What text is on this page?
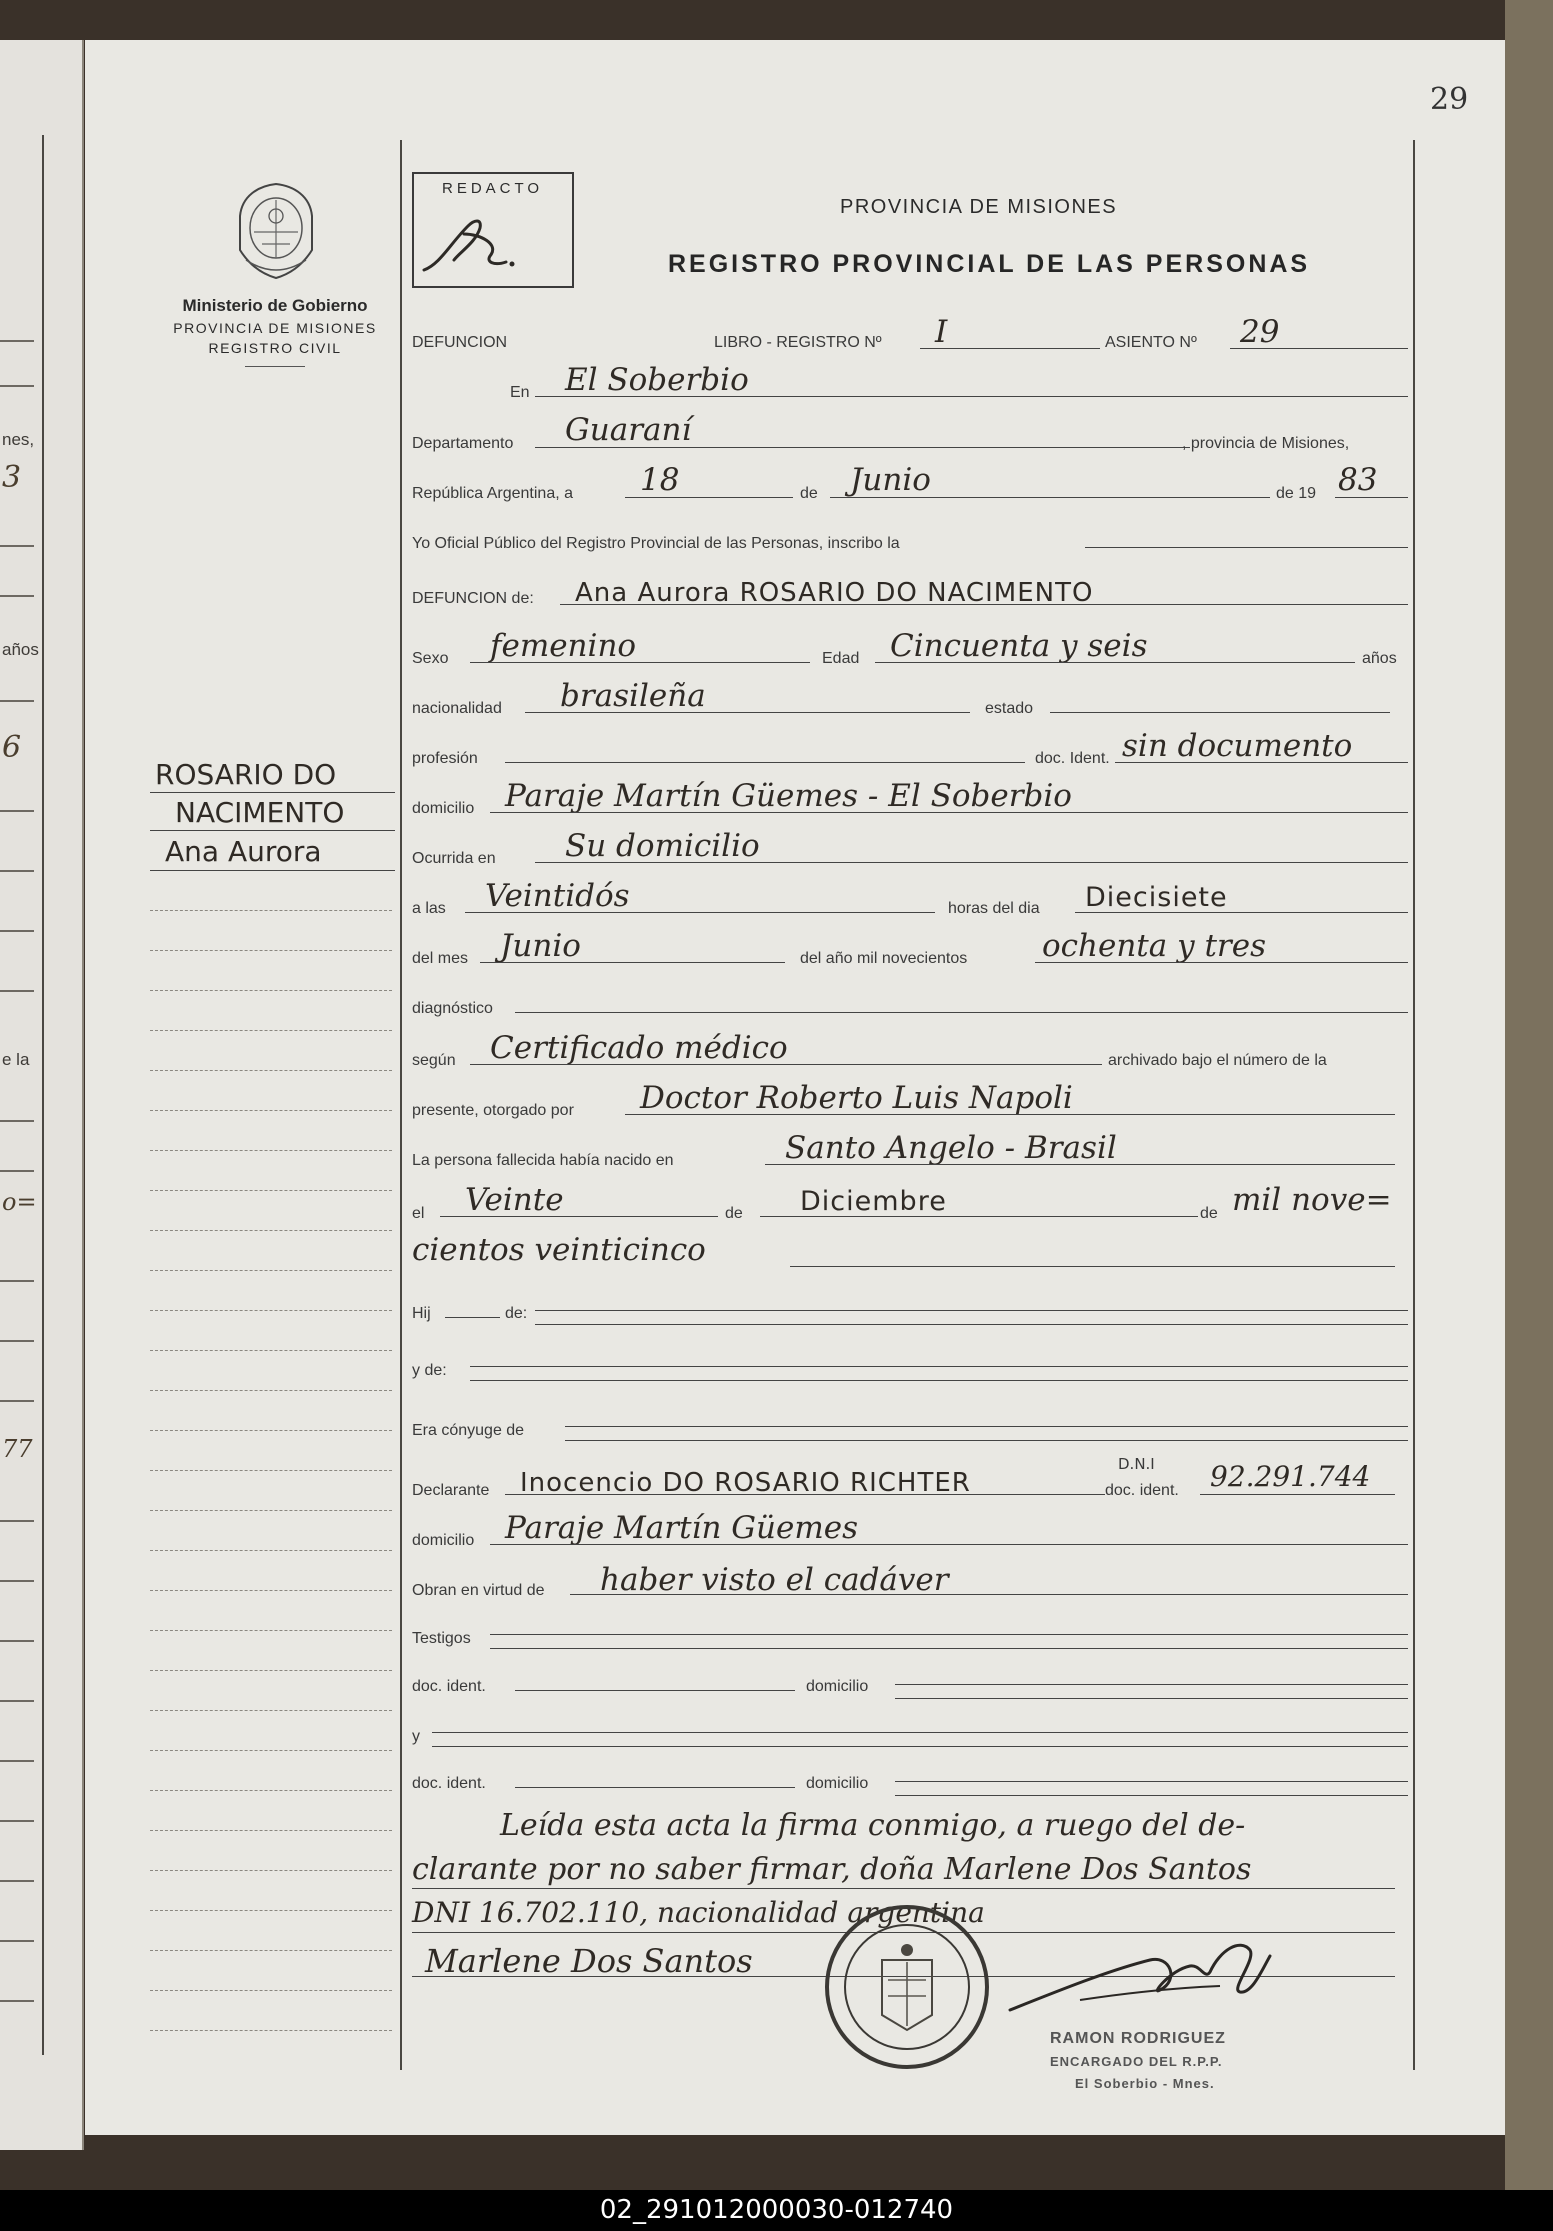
nes,
3
años
6
e la
o=
77
29
Ministerio de Gobierno
PROVINCIA DE MISIONES
REGISTRO CIVIL
REDACTO
PROVINCIA DE MISIONES
REGISTRO PROVINCIAL DE LAS PERSONAS
ROSARIO DO
NACIMENTO
Ana Aurora
DEFUNCION	LIBRO - REGISTRO Nº I	ASIENTO Nº 29
En El Soberbio
Departamento Guaraní	, provincia de Misiones,
República Argentina, a 18	de Junio	de 19 83
Yo Oficial Público del Registro Provincial de las Personas, inscribo la
DEFUNCION de: Ana Aurora ROSARIO DO NACIMENTO
Sexo femenino	Edad Cincuenta y seis	años
nacionalidad brasileña	estado
profesión	doc. Ident. sin documento
domicilio Paraje Martín Güemes - El Soberbio
Ocurrida en Su domicilio
a las Veintidós	horas del dia Diecisiete
del mes Junio	del año mil novecientos ochenta y tres
diagnóstico
según Certificado médico	archivado bajo el número de la
presente, otorgado por Doctor Roberto Luis Napoli
La persona fallecida había nacido en	Santo Angelo - Brasil
el Veinte	de Diciembre	de mil nove=
cientos veinticinco
Hij	de:
y de:
Era cónyuge de
Declarante Inocencio DO ROSARIO RICHTER
D.N.I
doc. ident. 92.291.744
domicilio Paraje Martín Güemes
Obran en virtud de haber visto el cadáver
Testigos
doc. ident.	domicilio
y
doc. ident.	domicilio
Leída esta acta la firma conmigo, a ruego del de-
clarante por no saber firmar, doña Marlene Dos Santos
DNI 16.702.110, nacionalidad argentina
Marlene Dos Santos
RAMON RODRIGUEZ
ENCARGADO DEL R.P.P.
El Soberbio - Mnes.
02_291012000030-012740
